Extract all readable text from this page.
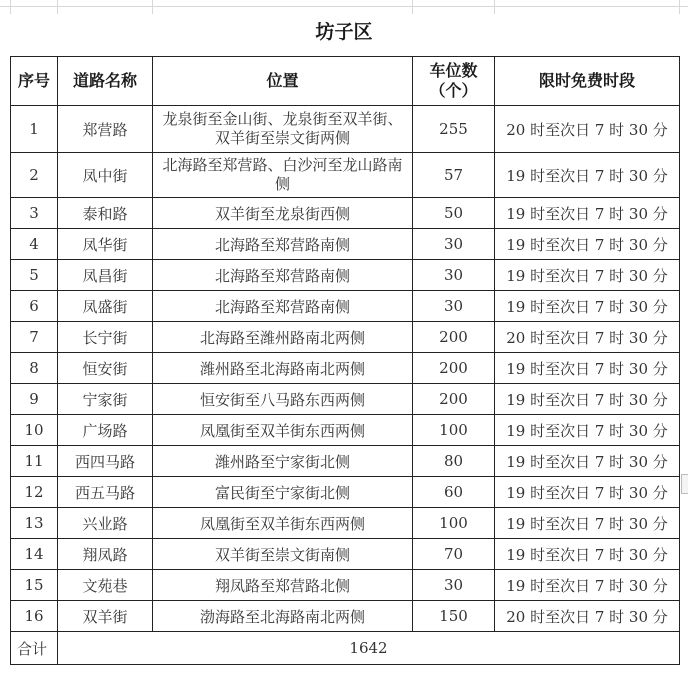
坊子区
序号	道路名称	位置	车位数（个）	限时免费时段
1	郑营路	龙泉街至金山街、龙泉街至双羊街、双羊街至崇文街两侧	255	20 时至次日 7 时 30 分
2	凤中街	北海路至郑营路、白沙河至龙山路南侧	57	19 时至次日 7 时 30 分
3	泰和路	双羊街至龙泉街西侧	50	19 时至次日 7 时 30 分
4	凤华街	北海路至郑营路南侧	30	19 时至次日 7 时 30 分
5	凤昌街	北海路至郑营路南侧	30	19 时至次日 7 时 30 分
6	凤盛街	北海路至郑营路南侧	30	19 时至次日 7 时 30 分
7	长宁街	北海路至潍州路南北两侧	200	20 时至次日 7 时 30 分
8	恒安街	潍州路至北海路南北两侧	200	19 时至次日 7 时 30 分
9	宁家街	恒安街至八马路东西两侧	200	19 时至次日 7 时 30 分
10	广场路	凤凰街至双羊街东西两侧	100	19 时至次日 7 时 30 分
11	西四马路	潍州路至宁家街北侧	80	19 时至次日 7 时 30 分
12	西五马路	富民街至宁家街北侧	60	19 时至次日 7 时 30 分
13	兴业路	凤凰街至双羊街东西两侧	100	19 时至次日 7 时 30 分
14	翔凤路	双羊街至崇文街南侧	70	19 时至次日 7 时 30 分
15	文苑巷	翔凤路至郑营路北侧	30	19 时至次日 7 时 30 分
16	双羊街	渤海路至北海路南北两侧	150	20 时至次日 7 时 30 分
合计	1642			
